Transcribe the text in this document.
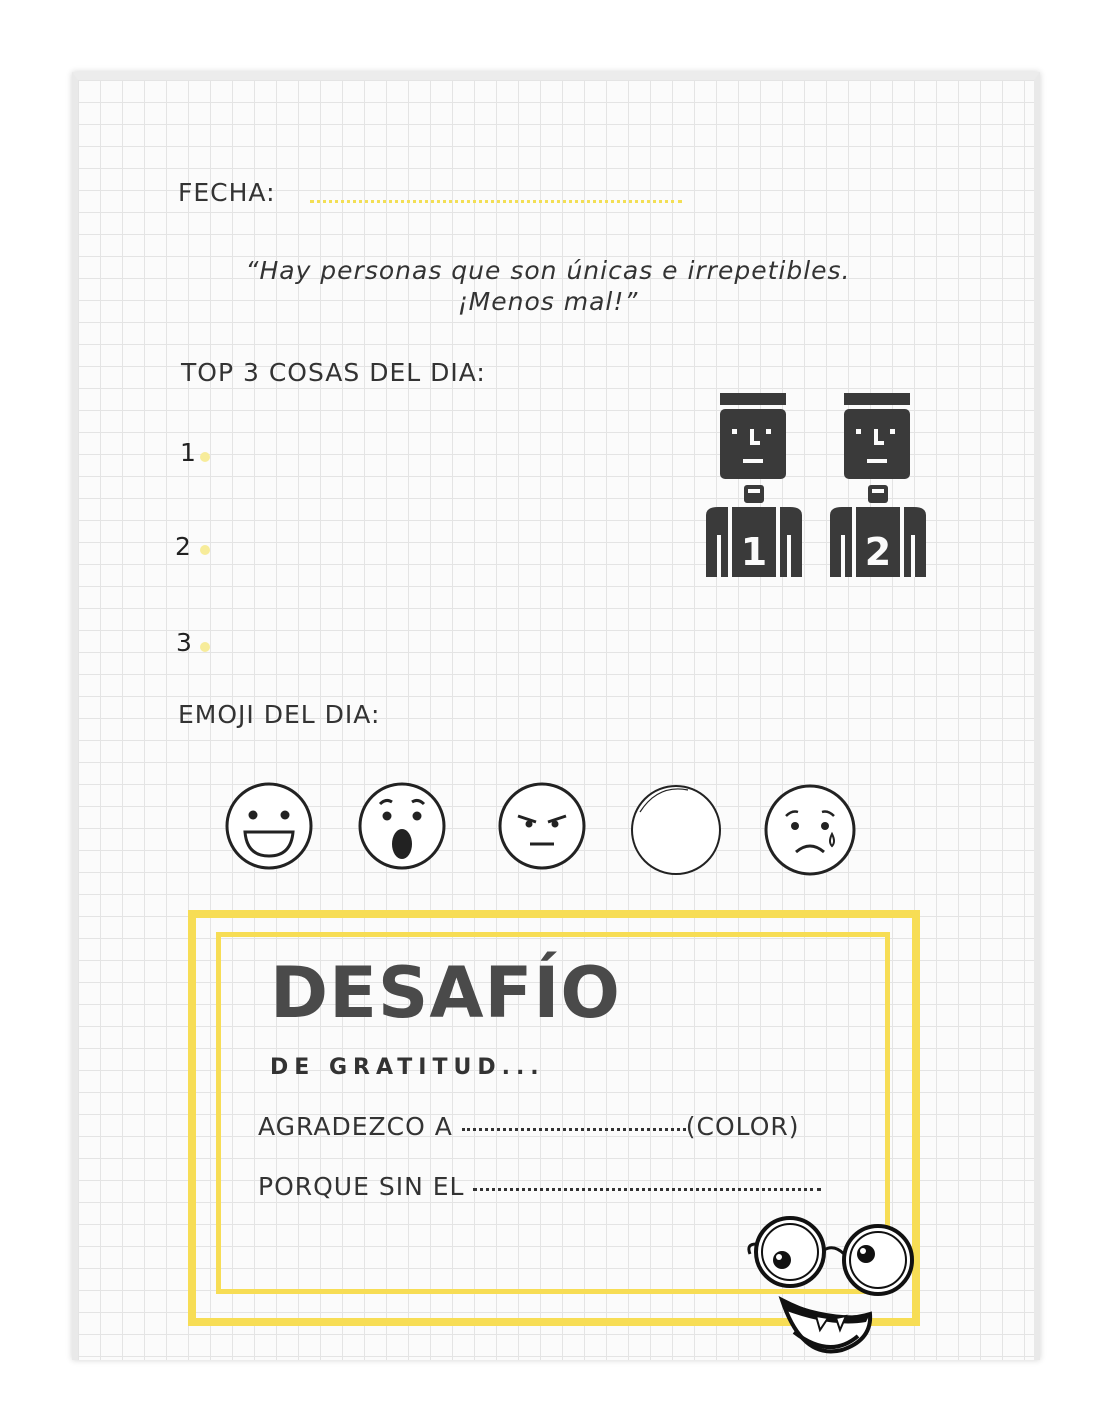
FECHA:
“Hay personas que son únicas e irrepetibles.
¡Menos mal!”
TOP 3 COSAS DEL DIA:
1
2
3
1	2
EMOJI DEL DIA:
DESAFÍO
DE GRATITUD...
AGRADEZCO A	(COLOR)
PORQUE SIN EL
